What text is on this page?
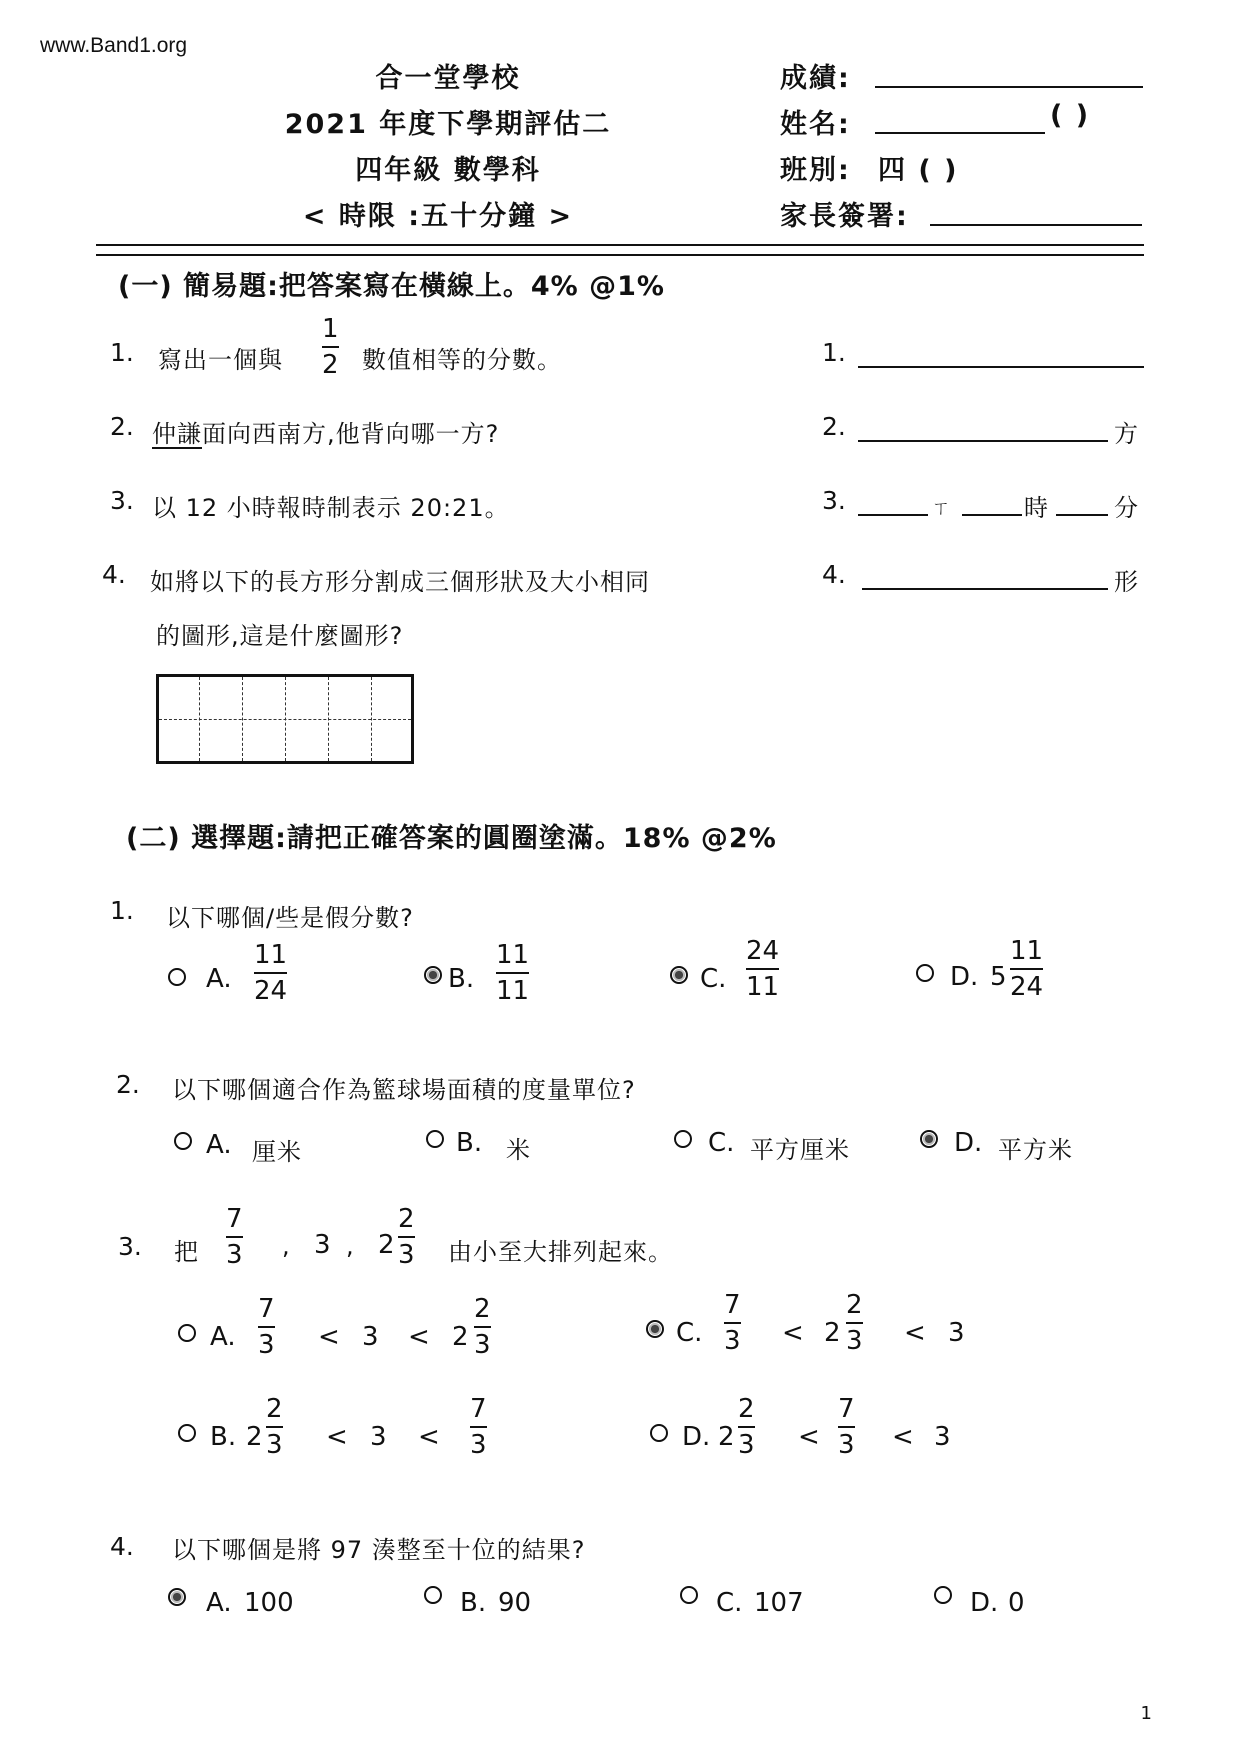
www.Band1.org
合一堂學校
2021 年度下學期評估二
四年級 數學科
< 時限 :五十分鐘 >
成績:
姓名:	( )
班別: 四 ( )
家長簽署:
(一) 簡易題:把答案寫在橫線上。4% @1%
1. 寫出一個與
1
2 數值相等的分數。	1.
2. 仲謙面向西南方,他背向哪一方?	2.	方
3. 以 12 小時報時制表示 20:21。	3.	ㄒ	時	分
4. 如將以下的長方形分割成三個形狀及大小相同
的圖形,這是什麼圖形?
4.	形
(二) 選擇題:請把正確答案的圓圈塗滿。18% @2%
1. 以下哪個/些是假分數?
A.
11
24	B.
11
11	C.
24
11	D. 5
11
24
2. 以下哪個適合作為籃球場面積的度量單位?
A. 厘米	B. 米	C. 平方厘米	D. 平方米
3. 把
7
3 , 3 , 2
2
3 由小至大排列起來。
A.
7
3 < 3 < 2
2
3	C.
7
3 < 2
2
3 < 3
B. 2
2
3 < 3 <
7
3	D. 2
2
3 <
7
3 < 3
4. 以下哪個是將 97 湊整至十位的結果?
A. 100	B. 90	C. 107	D. 0
1
